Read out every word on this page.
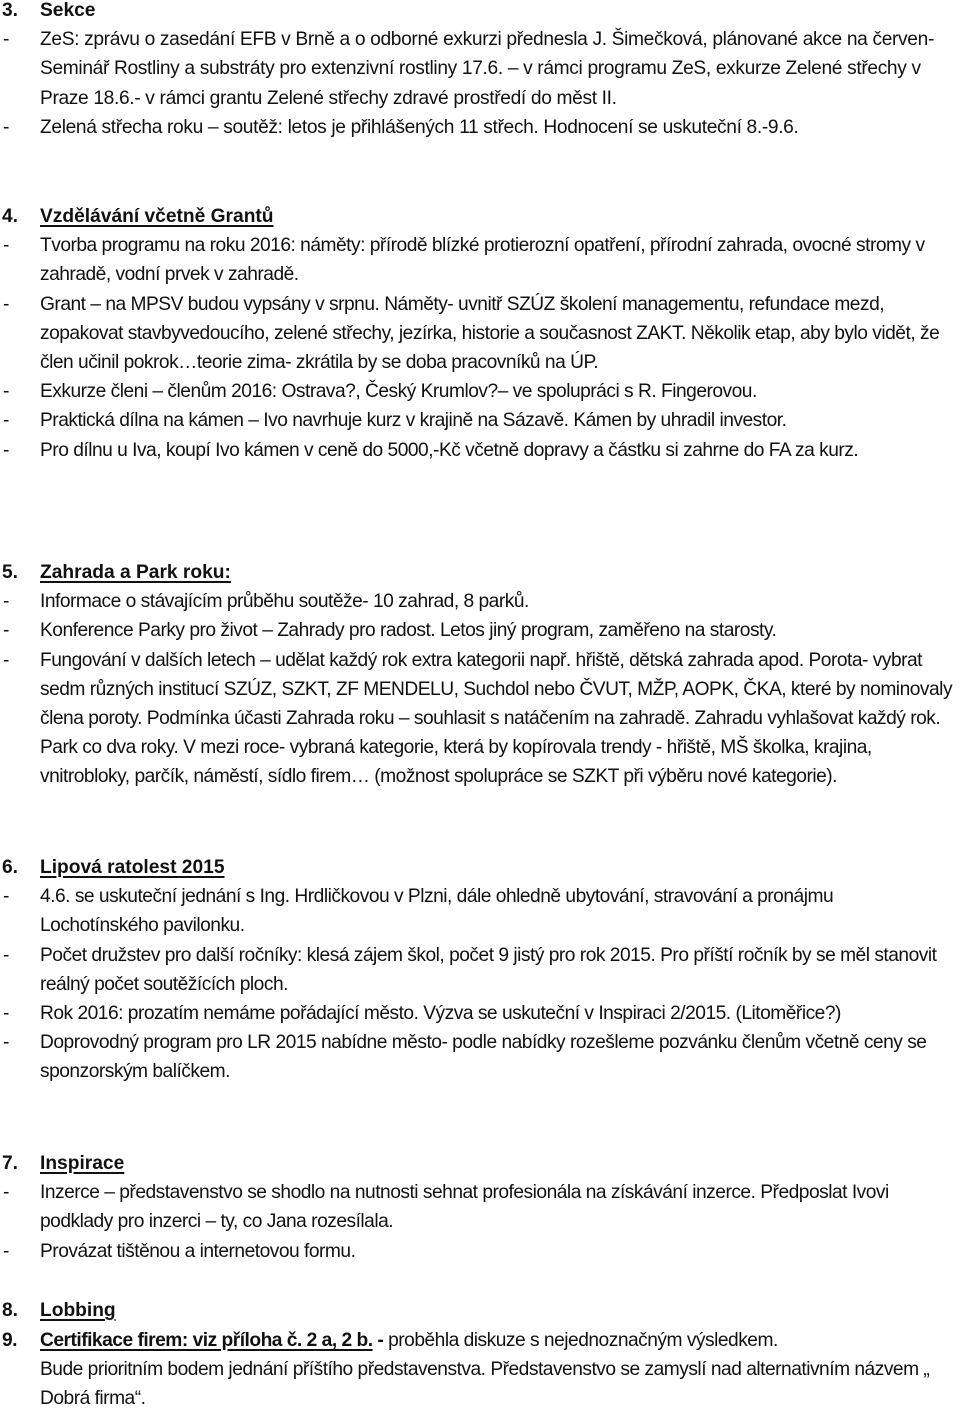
3.	Sekce
-	ZeS: zprávu o zasedání EFB v Brně a o odborné exkurzi přednesla J. Šimečková, plánované akce na červen- Seminář Rostliny a substráty pro extenzivní rostliny 17.6. – v rámci programu ZeS, exkurze Zelené střechy v Praze 18.6.- v rámci grantu Zelené střechy zdravé prostředí do měst II.
-	Zelená střecha roku – soutěž: letos je přihlášených 11 střech. Hodnocení se uskuteční 8.-9.6.
4.	Vzdělávání včetně Grantů
-	Tvorba programu na roku 2016: náměty: přírodě blízké protierozní opatření, přírodní zahrada, ovocné stromy v zahradě, vodní prvek v zahradě.
-	Grant – na MPSV budou vypsány v srpnu. Náměty- uvnitř SZÚZ školení managementu, refundace mezd, zopakovat stavbyvedoucího, zelené střechy, jezírka, historie a současnost ZAKT. Několik etap, aby bylo vidět, že člen učinil pokrok…teorie zima- zkrátila by se doba pracovníků na ÚP.
-	Exkurze členi – členům 2016: Ostrava?, Český Krumlov?– ve spolupráci s R. Fingerovou.
-	Praktická dílna na kámen – Ivo navrhuje kurz v krajině na Sázavě. Kámen by uhradil investor.
-	Pro dílnu u Iva, koupí Ivo kámen v ceně do 5000,-Kč včetně dopravy a částku si zahrne do FA za kurz.
5.	Zahrada a Park roku:
-	Informace o stávajícím průběhu soutěže- 10 zahrad, 8 parků.
-	Konference Parky pro život – Zahrady pro radost. Letos jiný program, zaměřeno na starosty.
-	Fungování v dalších letech – udělat každý rok extra kategorii např. hřiště, dětská zahrada apod. Porota- vybrat sedm různých institucí SZÚZ, SZKT, ZF MENDELU, Suchdol nebo ČVUT, MŽP, AOPK, ČKA, které by nominovaly člena poroty. Podmínka účasti Zahrada roku – souhlasit s natáčením na zahradě. Zahradu vyhlašovat každý rok. Park co dva roky. V mezi roce- vybraná kategorie, která by kopírovala trendy - hřiště, MŠ školka, krajina, vnitrobloky, parčík, náměstí, sídlo firem… (možnost spolupráce se SZKT při výběru nové kategorie).
6.	Lipová ratolest 2015
-	4.6. se uskuteční jednání s Ing. Hrdličkovou v Plzni, dále ohledně ubytování, stravování a pronájmu Lochotínského pavilonku.
-	Počet družstev pro další ročníky: klesá zájem škol, počet 9 jistý pro rok 2015. Pro příští ročník by se měl stanovit reálný počet soutěžících ploch.
-	Rok 2016: prozatím nemáme pořádající město. Výzva se uskuteční v Inspiraci 2/2015. (Litoměřice?)
-	Doprovodný program pro LR 2015 nabídne město- podle nabídky rozešleme pozvánku členům včetně ceny se sponzorským balíčkem.
7.	Inspirace
-	Inzerce – představenstvo se shodlo na nutnosti sehnat profesionála na získávání inzerce. Předposlat Ivovi podklady pro inzerci – ty, co Jana rozesílala.
-	Provázat tištěnou a internetovou formu.
8.	Lobbing
9.	Certifikace firem: viz příloha č. 2 a, 2 b. - proběhla diskuze s nejednoznačným výsledkem.
Bude prioritním bodem jednání příštího představenstva. Představenstvo se zamyslí nad alternativním názvem „ Dobrá firma“.
